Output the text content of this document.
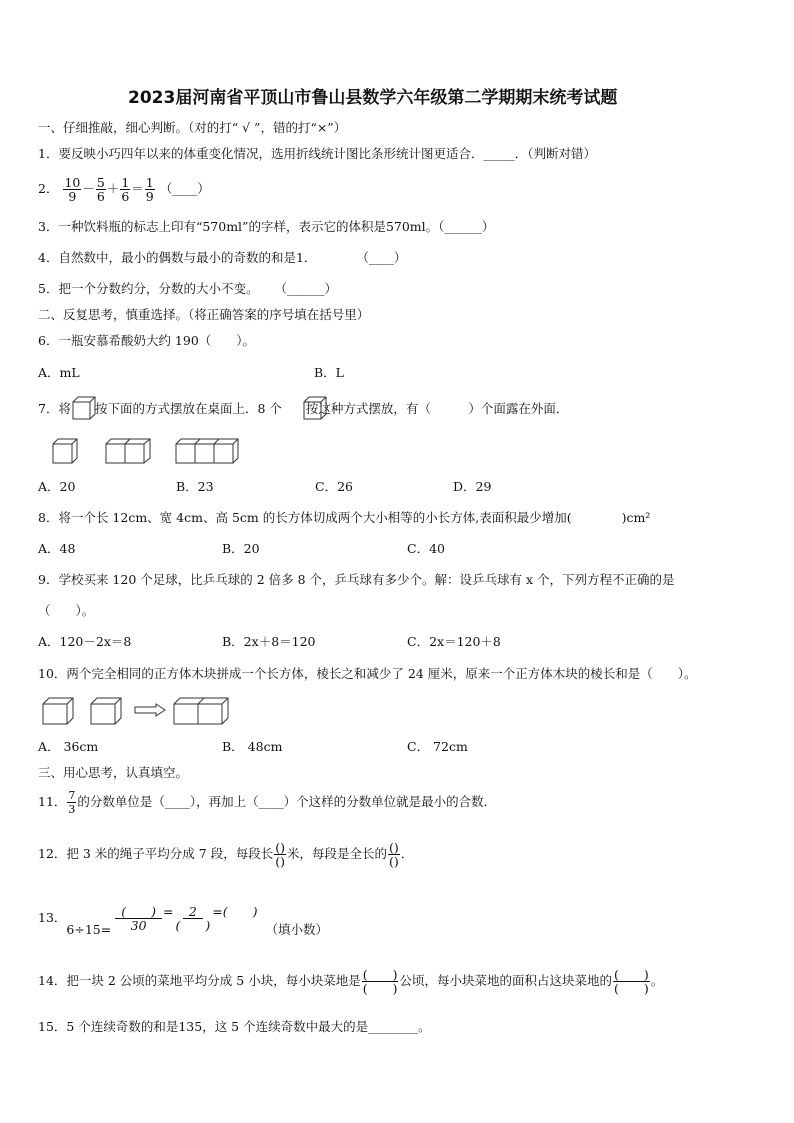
2023届河南省平顶山市鲁山县数学六年级第二学期期末统考试题
一、仔细推敲，细心判断。（对的打“ √ ”，错的打“×”）
1．要反映小巧四年以来的体重变化情况，选用折线统计图比条形统计图更适合．_____．（判断对错）
2． $\frac{10}{9} - \frac{5}{6} + \frac{1}{6} = \frac{1}{9}$ （____）
3．一种饮料瓶的标志上印有“570ml”的字样，表示它的体积是570ml。（______）
4．自然数中，最小的偶数与最小的奇数的和是1．	（____）
5．把一个分数约分，分数的大小不变。 （______）
二、反复思考，慎重选择。（将正确答案的序号填在括号里）
6．一瓶安慕希酸奶大约 190（　　）。
A．mL	B．L
7．将 按下面的方式摆放在桌面上．8 个 按这种方式摆放，有（　　　）个面露在外面．
A．20	B．23	C．26	D．29
8．将一个长 12cm、宽 4cm、高 5cm 的长方体切成两个大小相等的小长方体,表面积最少增加(　　　　)cm²
A．48	B．20	C．40
9．学校买来 120 个足球，比乒乓球的 2 倍多 8 个，乒乓球有多少个。解：设乒乓球有 x 个，下列方程不正确的是
（　　）。
A．120－2x＝8	B．2x＋8＝120	C．2x＝120＋8
10．两个完全相同的正方体木块拼成一个长方体，棱长之和减少了 24 厘米，原来一个正方体木块的棱长和是（　　）。
A． 36cm	B． 48cm	C． 72cm
三、用心思考，认真填空。
11． $\frac{7}{3}$ 的分数单位是（____），再加上（____）个这样的分数单位就是最小的合数．
12．把 3 米的绳子平均分成 7 段，每段长 $\frac{()}{()}$ 米，每段是全长的 $\frac{()}{()}$ ．
13．$6\div 15= \frac{( )}{30} = \frac{2}{( )}$ =(　　)（填小数）
14．把一块 2 公顷的菜地平均分成 5 小块，每小块菜地是 $\frac{( )}{( )}$ 公顷，每小块菜地的面积占这块菜地的 $\frac{( )}{( )}$ 。
15．5 个连续奇数的和是135，这 5 个连续奇数中最大的是________。
